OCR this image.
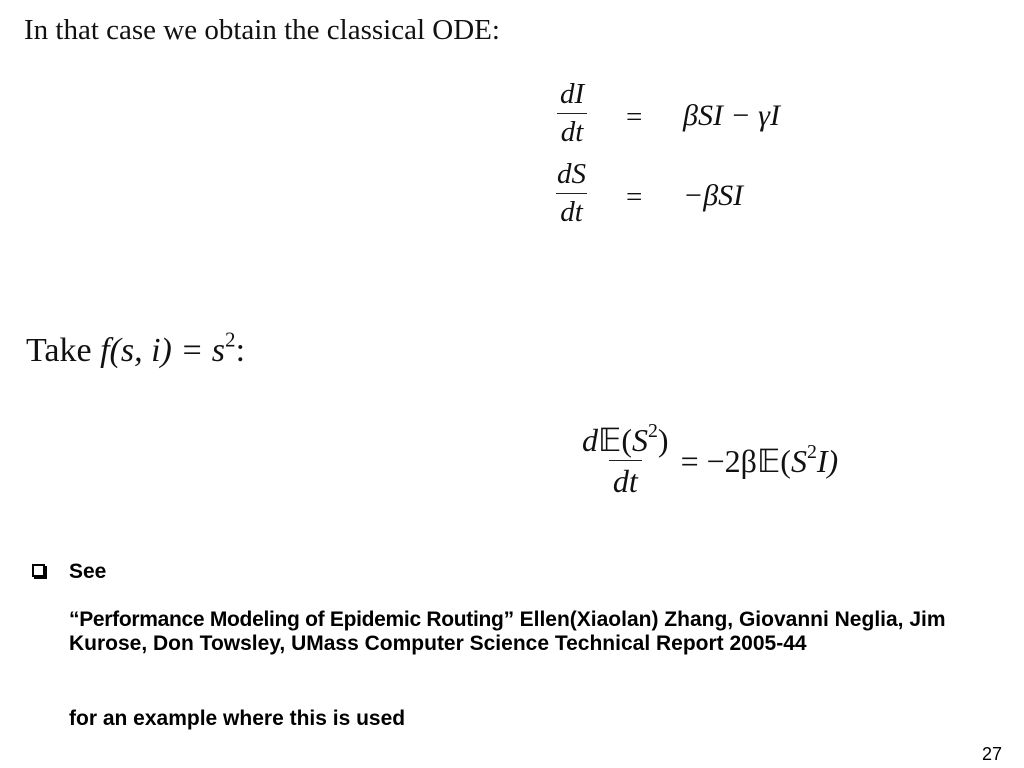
In that case we obtain the classical ODE:
$\frac{dI}{dt} = \beta SI - \gamma I$
$\frac{dS}{dt} = -\beta SI$
Take f(s, $i) = s^2$:
$\frac{d𝔼(S^2)}{dt}$ = $-2\beta 𝔼(S^2I)$
See
“Performance Modeling of Epidemic Routing” Ellen(Xiaolan) Zhang, Giovanni Neglia, Jim Kurose, Don Towsley, UMass Computer Science Technical Report 2005-44
for an example where this is used
27
